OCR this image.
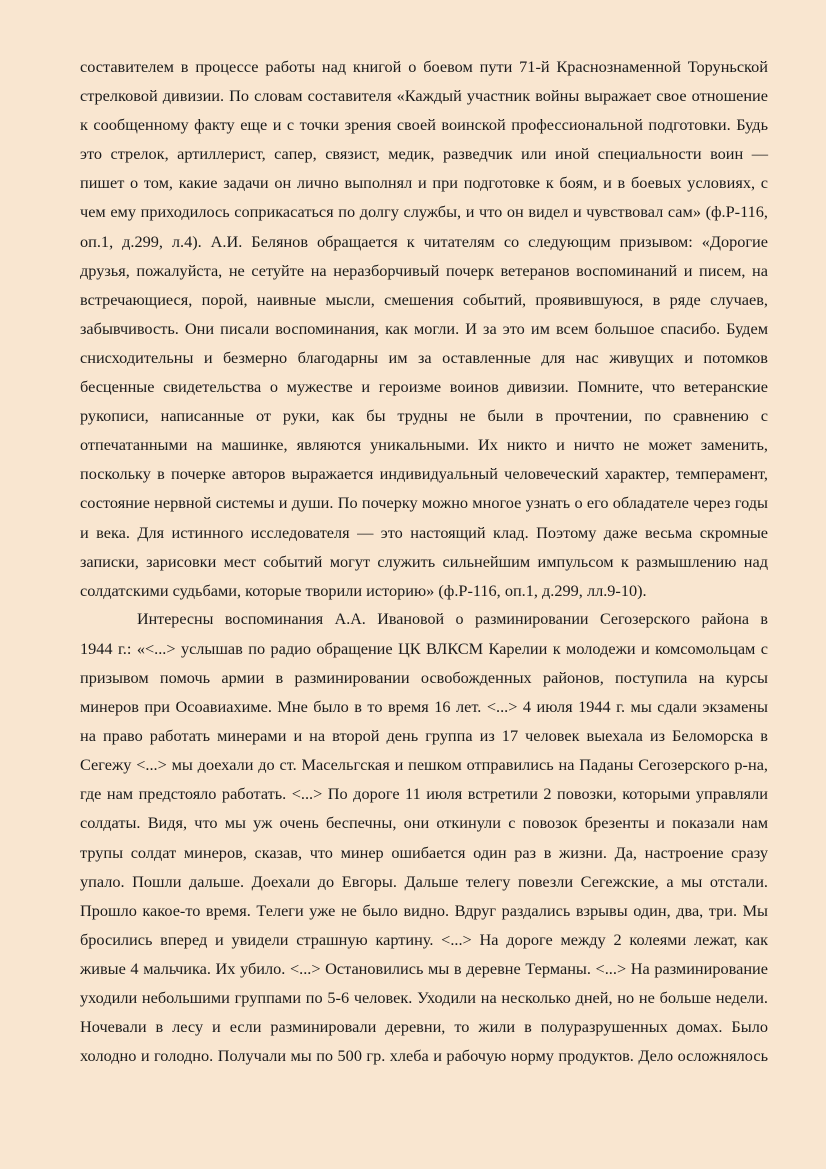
составителем в процессе работы над книгой о боевом пути 71-й Краснознаменной Торуньской
стрелковой дивизии. По словам составителя «Каждый участник войны выражает свое отношение
к сообщенному факту еще и с точки зрения своей воинской профессиональной подготовки. Будь
это стрелок, артиллерист, сапер, связист, медик, разведчик или иной специальности воин —
пишет о том, какие задачи он лично выполнял и при подготовке к боям, и в боевых условиях, с
чем ему приходилось соприкасаться по долгу службы, и что он видел и чувствовал сам» (ф.Р-116,
оп.1, д.299, л.4). А.И. Белянов обращается к читателям со следующим призывом: «Дорогие
друзья, пожалуйста, не сетуйте на неразборчивый почерк ветеранов воспоминаний и писем, на
встречающиеся, порой, наивные мысли, смешения событий, проявившуюся, в ряде случаев,
забывчивость. Они писали воспоминания, как могли. И за это им всем большое спасибо. Будем
снисходительны и безмерно благодарны им за оставленные для нас живущих и потомков
бесценные свидетельства о мужестве и героизме воинов дивизии. Помните, что ветеранские
рукописи, написанные от руки, как бы трудны не были в прочтении, по сравнению с
отпечатанными на машинке, являются уникальными. Их никто и ничто не может заменить,
поскольку в почерке авторов выражается индивидуальный человеческий характер, темперамент,
состояние нервной системы и души. По почерку можно многое узнать о его обладателе через годы
и века. Для истинного исследователя — это настоящий клад. Поэтому даже весьма скромные
записки, зарисовки мест событий могут служить сильнейшим импульсом к размышлению над
солдатскими судьбами, которые творили историю» (ф.Р-116, оп.1, д.299, лл.9-10).
Интересны воспоминания А.А. Ивановой о разминировании Сегозерского района в
1944 г.: «<...> услышав по радио обращение ЦК ВЛКСМ Карелии к молодежи и комсомольцам с
призывом помочь армии в разминировании освобожденных районов, поступила на курсы
минеров при Осоавиахиме. Мне было в то время 16 лет. <...> 4 июля 1944 г. мы сдали экзамены
на право работать минерами и на второй день группа из 17 человек выехала из Беломорска в
Сегежу <...> мы доехали до ст. Масельгская и пешком отправились на Паданы Сегозерского р-на,
где нам предстояло работать. <...> По дороге 11 июля встретили 2 повозки, которыми управляли
солдаты. Видя, что мы уж очень беспечны, они откинули с повозок брезенты и показали нам
трупы солдат минеров, сказав, что минер ошибается один раз в жизни. Да, настроение сразу
упало. Пошли дальше. Доехали до Евгоры. Дальше телегу повезли Сегежские, а мы отстали.
Прошло какое-то время. Телеги уже не было видно. Вдруг раздались взрывы один, два, три. Мы
бросились вперед и увидели страшную картину. <...> На дороге между 2 колеями лежат, как
живые 4 мальчика. Их убило. <...> Остановились мы в деревне Терманы. <...> На разминирование
уходили небольшими группами по 5-6 человек. Уходили на несколько дней, но не больше недели.
Ночевали в лесу и если разминировали деревни, то жили в полуразрушенных домах. Было
холодно и голодно. Получали мы по 500 гр. хлеба и рабочую норму продуктов. Дело осложнялось
